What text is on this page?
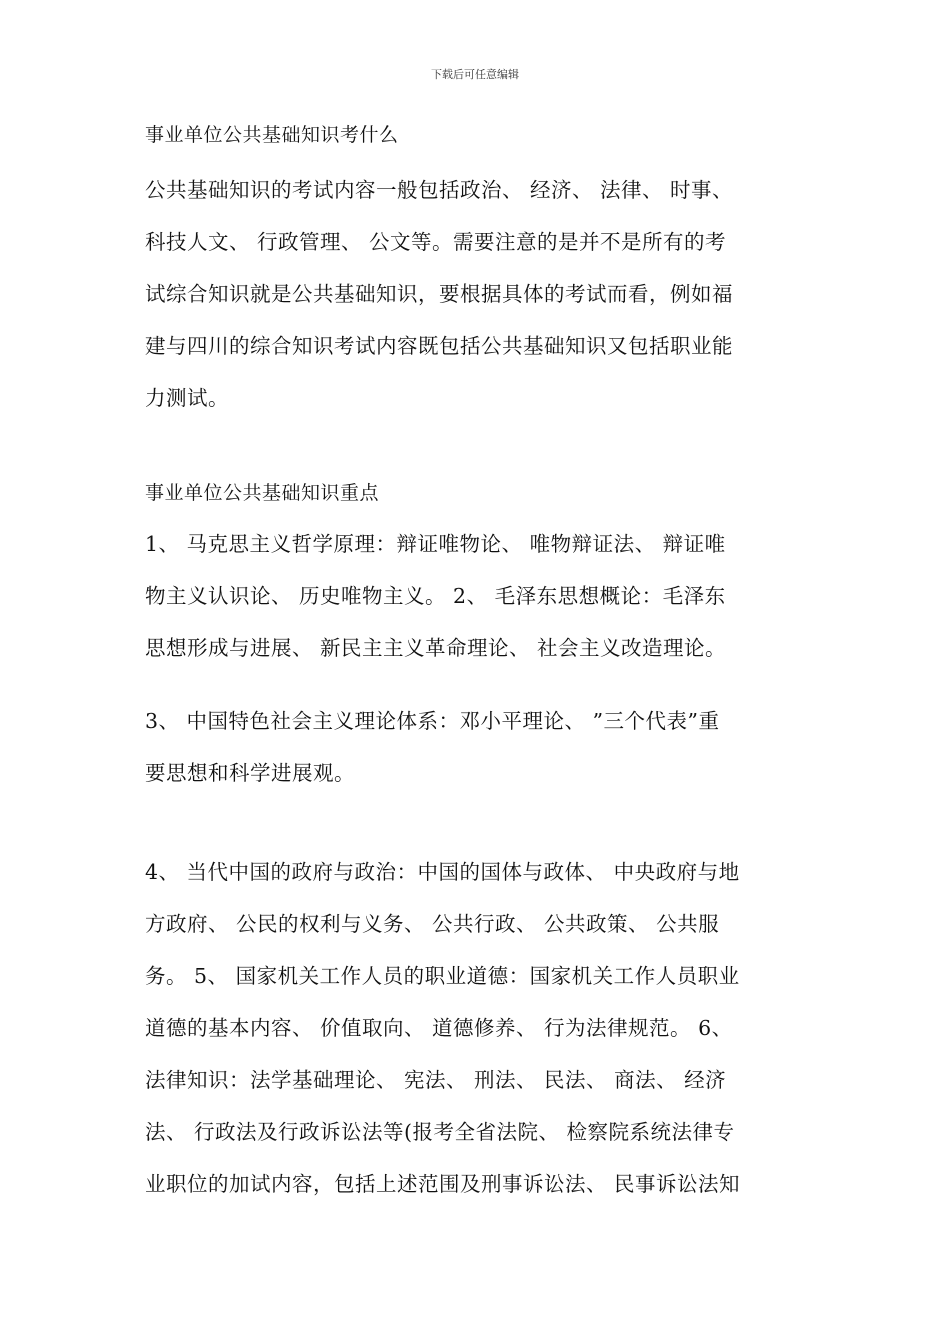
下载后可任意编辑
事业单位公共基础知识考什么
公共基础知识的考试内容一般包括政治、 经济、 法律、 时事、
科技人文、 行政管理、 公文等。需要注意的是并不是所有的考
试综合知识就是公共基础知识，要根据具体的考试而看，例如福
建与四川的综合知识考试内容既包括公共基础知识又包括职业能
力测试。
事业单位公共基础知识重点
1、 马克思主义哲学原理：辩证唯物论、 唯物辩证法、 辩证唯
物主义认识论、 历史唯物主义。 2、 毛泽东思想概论：毛泽东
思想形成与进展、 新民主主义革命理论、 社会主义改造理论。
3、 中国特色社会主义理论体系：邓小平理论、 ”三个代表”重
要思想和科学进展观。
4、 当代中国的政府与政治：中国的国体与政体、 中央政府与地
方政府、 公民的权利与义务、 公共行政、 公共政策、 公共服
务。 5、 国家机关工作人员的职业道德：国家机关工作人员职业
道德的基本内容、 价值取向、 道德修养、 行为法律规范。 6、
法律知识：法学基础理论、 宪法、 刑法、 民法、 商法、 经济
法、 行政法及行政诉讼法等(报考全省法院、 检察院系统法律专
业职位的加试内容，包括上述范围及刑事诉讼法、 民事诉讼法知
